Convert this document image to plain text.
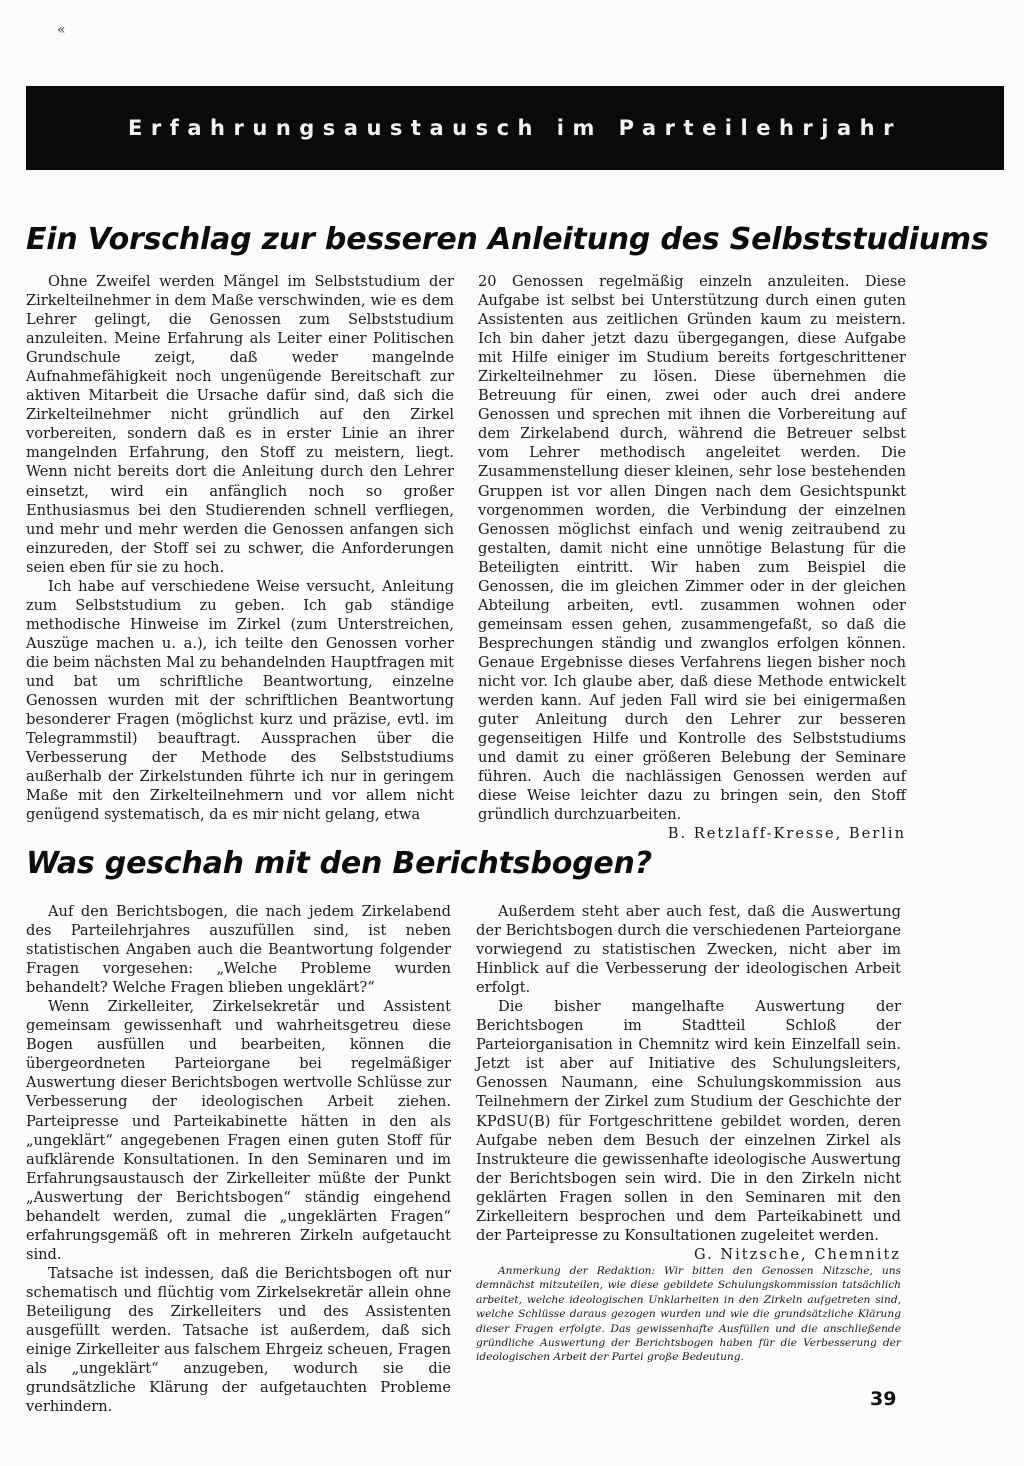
«
Erfahrungsaustausch im Parteilehrjahr
Ein Vorschlag zur besseren Anleitung des Selbststudiums

Ohne Zweifel werden Mängel im Selbststudium der Zirkelteilnehmer in dem Maße verschwinden, wie es dem Lehrer gelingt, die Genossen zum Selbststudium anzuleiten. Meine Erfahrung als Leiter einer Politischen Grundschule zeigt, daß weder mangelnde Aufnahmefähigkeit noch ungenügende Bereitschaft zur aktiven Mitarbeit die Ursache dafür sind, daß sich die Zirkelteilnehmer nicht gründlich auf den Zirkel vorbereiten, sondern daß es in erster Linie an ihrer mangelnden Erfahrung, den Stoff zu meistern, liegt. Wenn nicht bereits dort die Anleitung durch den Lehrer einsetzt, wird ein anfänglich noch so großer Enthusiasmus bei den Studierenden schnell verfliegen, und mehr und mehr werden die Genossen anfangen sich einzureden, der Stoff sei zu schwer, die Anforderungen seien eben für sie zu hoch.

Ich habe auf verschiedene Weise versucht, Anleitung zum Selbststudium zu geben. Ich gab ständige methodische Hinweise im Zirkel (zum Unterstreichen, Auszüge machen u. a.), ich teilte den Genossen vorher die beim nächsten Mal zu behandelnden Hauptfragen mit und bat um schriftliche Beantwortung, einzelne Genossen wurden mit der schriftlichen Beantwortung besonderer Fragen (möglichst kurz und präzise, evtl. im Telegrammstil) beauftragt. Aussprachen über die Verbesserung der Methode des Selbststudiums außerhalb der Zirkelstunden führte ich nur in geringem Maße mit den Zirkelteilnehmern und vor allem nicht genügend systematisch, da es mir nicht gelang, etwa

20 Genossen regelmäßig einzeln anzuleiten. Diese Aufgabe ist selbst bei Unterstützung durch einen guten Assistenten aus zeitlichen Gründen kaum zu meistern. Ich bin daher jetzt dazu übergegangen, diese Aufgabe mit Hilfe einiger im Studium bereits fortgeschrittener Zirkelteilnehmer zu lösen. Diese übernehmen die Betreuung für einen, zwei oder auch drei andere Genossen und sprechen mit ihnen die Vorbereitung auf dem Zirkelabend durch, während die Betreuer selbst vom Lehrer methodisch angeleitet werden. Die Zusammenstellung dieser kleinen, sehr lose bestehenden Gruppen ist vor allen Dingen nach dem Gesichtspunkt vorgenommen worden, die Verbindung der einzelnen Genossen möglichst einfach und wenig zeitraubend zu gestalten, damit nicht eine unnötige Belastung für die Beteiligten eintritt. Wir haben zum Beispiel die Genossen, die im gleichen Zimmer oder in der gleichen Abteilung arbeiten, evtl. zusammen wohnen oder gemeinsam essen gehen, zusammengefaßt, so daß die Besprechungen ständig und zwanglos erfolgen können. Genaue Ergebnisse dieses Verfahrens liegen bisher noch nicht vor. Ich glaube aber, daß diese Methode entwickelt werden kann. Auf jeden Fall wird sie bei einigermaßen guter Anleitung durch den Lehrer zur besseren gegenseitigen Hilfe und Kontrolle des Selbststudiums und damit zu einer größeren Belebung der Seminare führen. Auch die nachlässigen Genossen werden auf diese Weise leichter dazu zu bringen sein, den Stoff gründlich durchzuarbeiten.

B. Retzlaff-Kresse, Berlin

Was geschah mit den Berichtsbogen?

Auf den Berichtsbogen, die nach jedem Zirkelabend des Parteilehrjahres auszufüllen sind, ist neben statistischen Angaben auch die Beantwortung folgender Fragen vorgesehen: „Welche Probleme wurden behandelt? Welche Fragen blieben ungeklärt?“

Wenn Zirkelleiter, Zirkelsekretär und Assistent gemeinsam gewissenhaft und wahrheitsgetreu diese Bogen ausfüllen und bearbeiten, können die übergeordneten Parteiorgane bei regelmäßiger Auswertung dieser Berichtsbogen wertvolle Schlüsse zur Verbesserung der ideologischen Arbeit ziehen. Parteipresse und Parteikabinette hätten in den als „ungeklärt“ angegebenen Fragen einen guten Stoff für aufklärende Konsultationen. In den Seminaren und im Erfahrungsaustausch der Zirkelleiter müßte der Punkt „Auswertung der Berichtsbogen“ ständig eingehend behandelt werden, zumal die „ungeklärten Fragen“ erfahrungsgemäß oft in mehreren Zirkeln aufgetaucht sind.

Tatsache ist indessen, daß die Berichtsbogen oft nur schematisch und flüchtig vom Zirkelsekretär allein ohne Beteiligung des Zirkelleiters und des Assistenten ausgefüllt werden. Tatsache ist außerdem, daß sich einige Zirkelleiter aus falschem Ehrgeiz scheuen, Fragen als „ungeklärt“ anzugeben, wodurch sie die grundsätzliche Klärung der aufgetauchten Probleme verhindern.

Außerdem steht aber auch fest, daß die Auswertung der Berichtsbogen durch die verschiedenen Parteiorgane vorwiegend zu statistischen Zwecken, nicht aber im Hinblick auf die Verbesserung der ideologischen Arbeit erfolgt.

Die bisher mangelhafte Auswertung der Berichtsbogen im Stadtteil Schloß der Parteiorganisation in Chemnitz wird kein Einzelfall sein. Jetzt ist aber auf Initiative des Schulungsleiters, Genossen Naumann, eine Schulungskommission aus Teilnehmern der Zirkel zum Studium der Geschichte der KPdSU(B) für Fortgeschrittene gebildet worden, deren Aufgabe neben dem Besuch der einzelnen Zirkel als Instrukteure die gewissenhafte ideologische Auswertung der Berichtsbogen sein wird. Die in den Zirkeln nicht geklärten Fragen sollen in den Seminaren mit den Zirkelleitern besprochen und dem Parteikabinett und der Parteipresse zu Konsultationen zugeleitet werden.

G. Nitzsche, Chemnitz

Anmerkung der Redaktion: Wir bitten den Genossen Nitzsche, uns demnächst mitzuteilen, wie diese gebildete Schulungskommission tatsächlich arbeitet, welche ideologischen Unklarheiten in den Zirkeln aufgetreten sind, welche Schlüsse daraus gezogen wurden und wie die grundsätzliche Klärung dieser Fragen erfolgte. Das gewissenhafte Ausfüllen und die anschließende gründliche Auswertung der Berichtsbogen haben für die Verbesserung der ideologischen Arbeit der Partei große Bedeutung.

39
